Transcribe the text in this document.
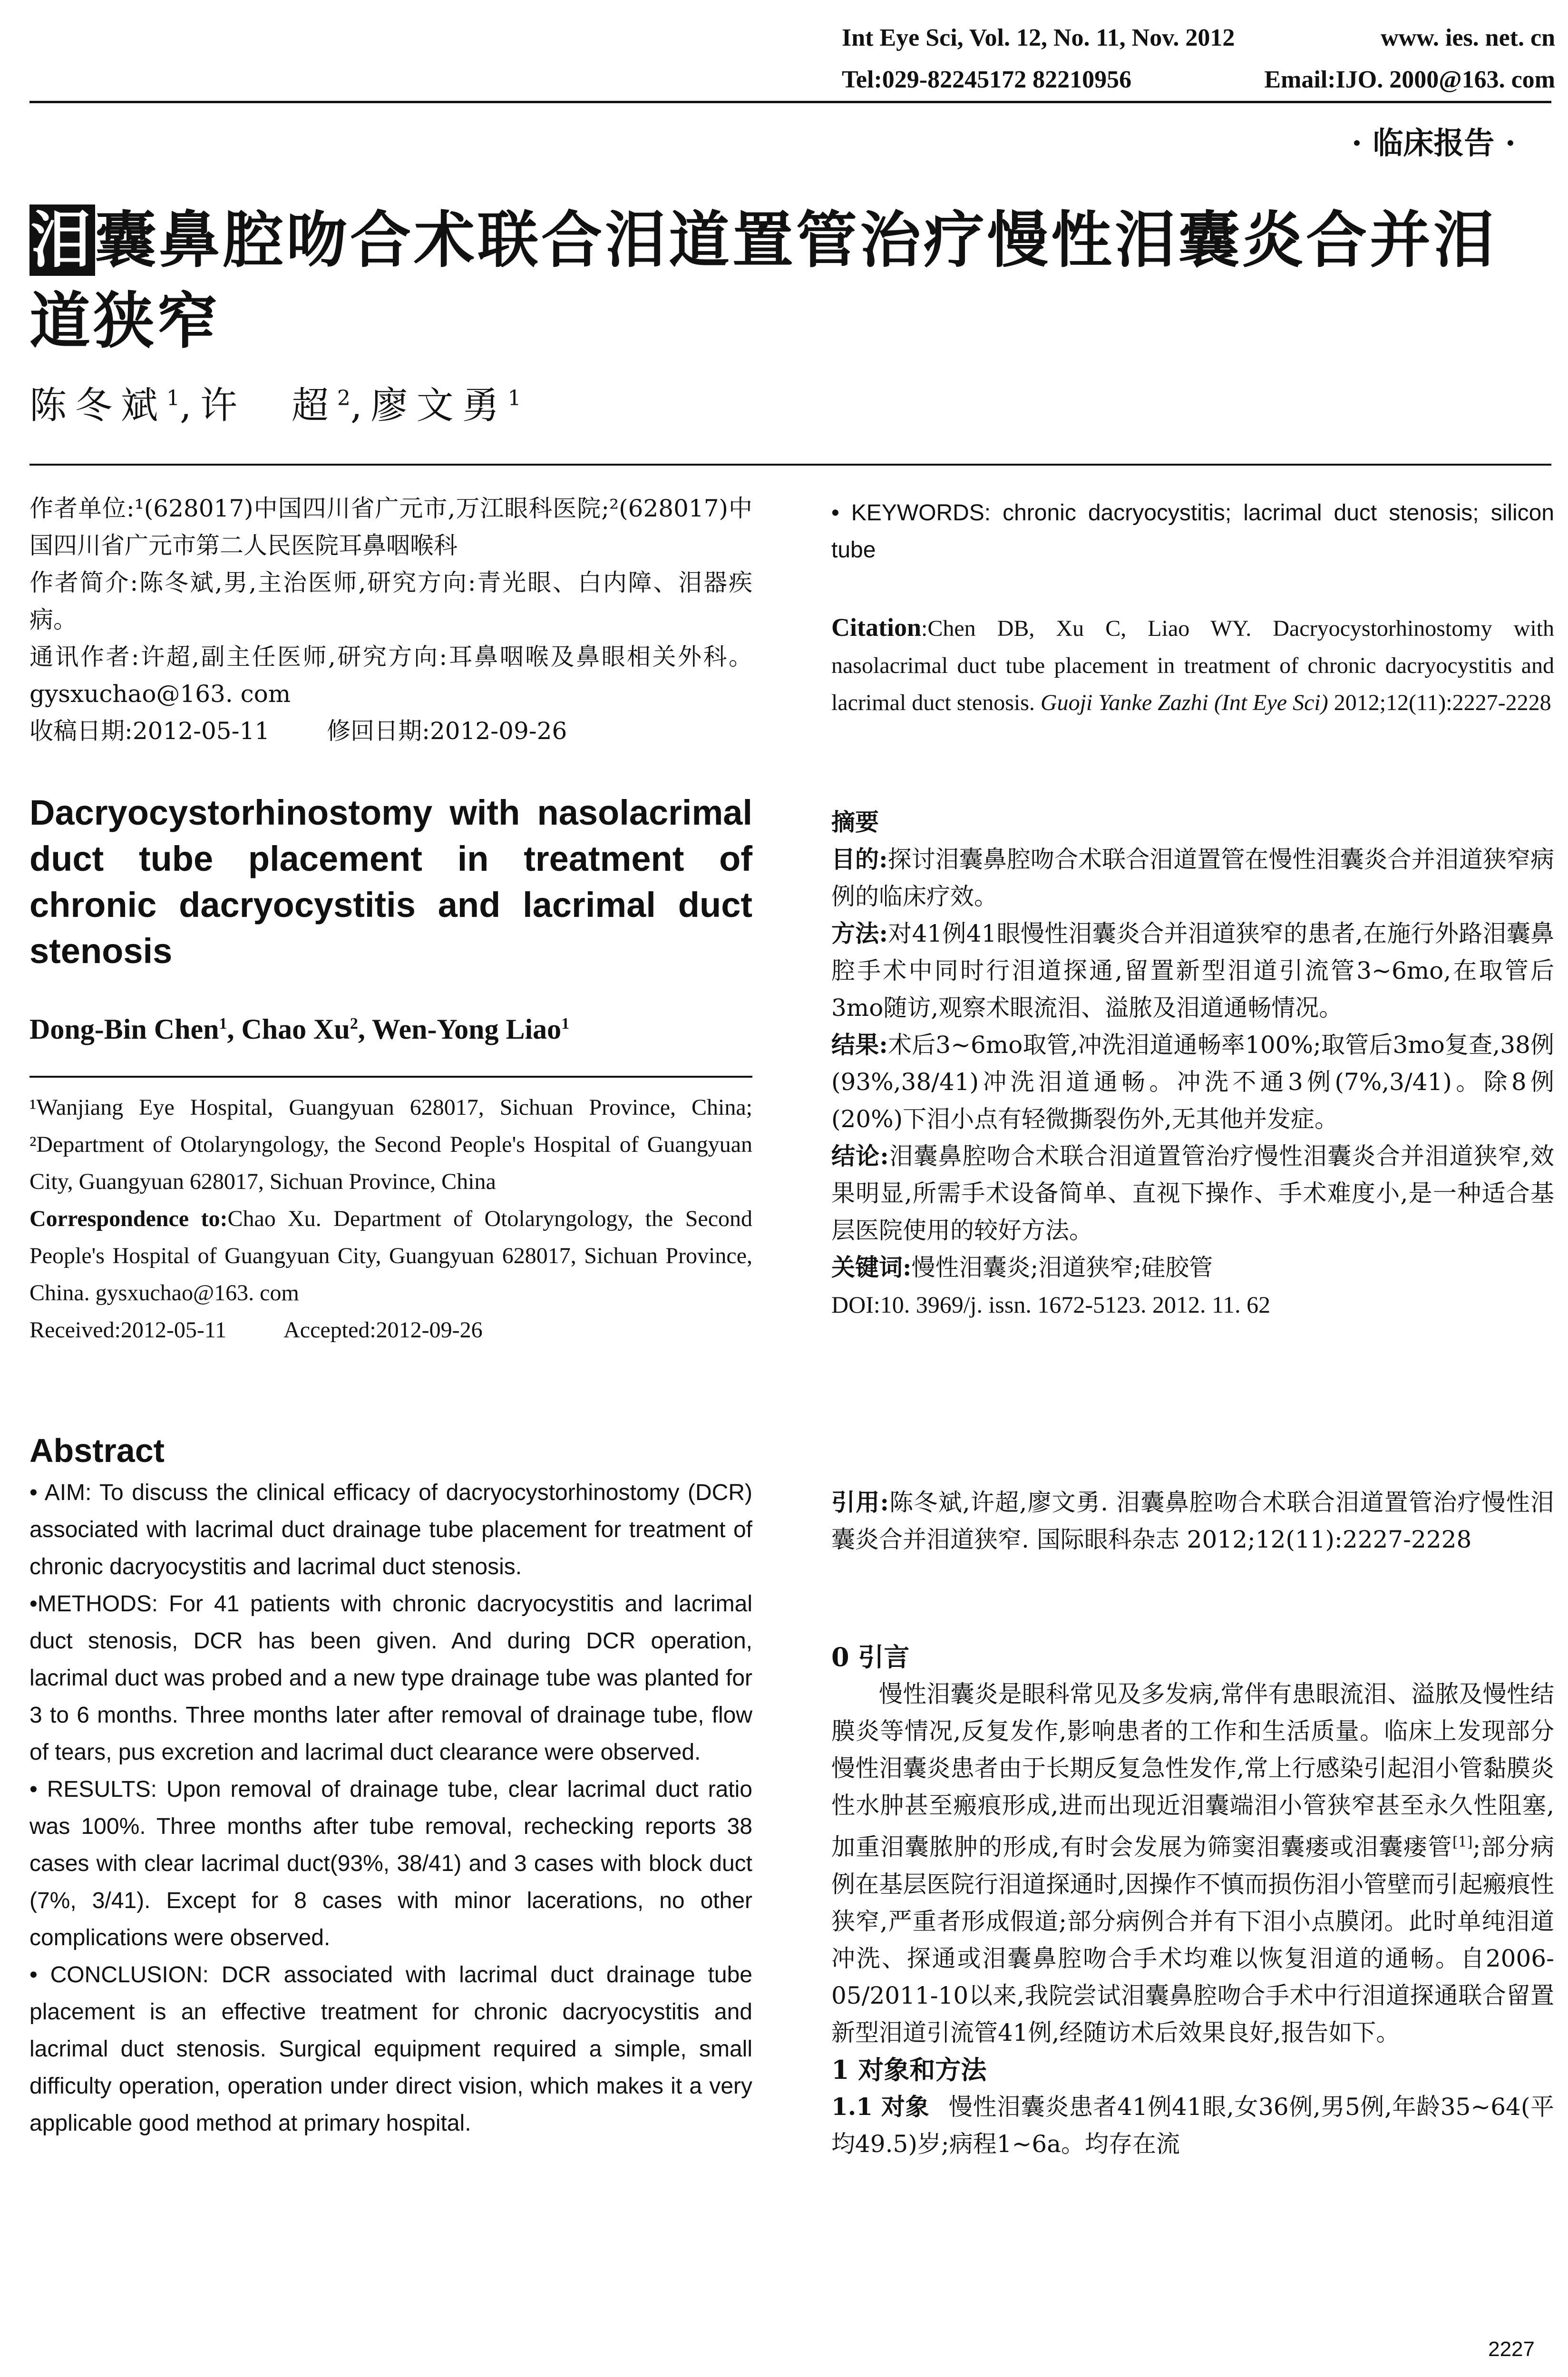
Int Eye Sci, Vol. 12, No. 11, Nov. 2012	www. ies. net. cn
Tel:029-82245172 82210956	Email:IJO. 2000@163. com
· 临床报告 ·
泪囊鼻腔吻合术联合泪道置管治疗慢性泪囊炎合并泪道狭窄
陈冬斌$^1$,许　超$^2$,廖文勇$^1$
作者单位:¹(628017)中国四川省广元市,万江眼科医院;²(628017)中国四川省广元市第二人民医院耳鼻咽喉科
作者简介:陈冬斌,男,主治医师,研究方向:青光眼、白内障、泪器疾病。
通讯作者:许超,副主任医师,研究方向:耳鼻咽喉及鼻眼相关外科。gysxuchao@163. com
收稿日期:2012-05-11 修回日期:2012-09-26
Dacryocystorhinostomy with nasolacrimal duct tube placement in treatment of chronic dacryocystitis and lacrimal duct stenosis
Dong-Bin Chen$^1$, Chao Xu$^2$, Wen-Yong Liao$^1$
¹Wanjiang Eye Hospital, Guangyuan 628017, Sichuan Province, China; ²Department of Otolaryngology, the Second People's Hospital of Guangyuan City, Guangyuan 628017, Sichuan Province, China
Correspondence to:Chao Xu. Department of Otolaryngology, the Second People's Hospital of Guangyuan City, Guangyuan 628017, Sichuan Province, China. gysxuchao@163. com
Received:2012-05-11	Accepted:2012-09-26
Abstract

• AIM: To discuss the clinical efficacy of dacryocystorhinostomy (DCR) associated with lacrimal duct drainage tube placement for treatment of chronic dacryocystitis and lacrimal duct stenosis.

•METHODS: For 41 patients with chronic dacryocystitis and lacrimal duct stenosis, DCR has been given. And during DCR operation, lacrimal duct was probed and a new type drainage tube was planted for 3 to 6 months. Three months later after removal of drainage tube, flow of tears, pus excretion and lacrimal duct clearance were observed.

• RESULTS: Upon removal of drainage tube, clear lacrimal duct ratio was 100%. Three months after tube removal, rechecking reports 38 cases with clear lacrimal duct(93%, 38/41) and 3 cases with block duct (7%, 3/41). Except for 8 cases with minor lacerations, no other complications were observed.

• CONCLUSION: DCR associated with lacrimal duct drainage tube placement is an effective treatment for chronic dacryocystitis and lacrimal duct stenosis. Surgical equipment required a simple, small difficulty operation, operation under direct vision, which makes it a very applicable good method at primary hospital.

• KEYWORDS: chronic dacryocystitis; lacrimal duct stenosis; silicon tube
Citation:Chen DB, Xu C, Liao WY. Dacryocystorhinostomy with nasolacrimal duct tube placement in treatment of chronic dacryocystitis and lacrimal duct stenosis. Guoji Yanke Zazhi (Int Eye Sci) 2012;12(11):2227-2228
摘要
目的:探讨泪囊鼻腔吻合术联合泪道置管在慢性泪囊炎合并泪道狭窄病例的临床疗效。
方法:对41例41眼慢性泪囊炎合并泪道狭窄的患者,在施行外路泪囊鼻腔手术中同时行泪道探通,留置新型泪道引流管3~6mo,在取管后3mo随访,观察术眼流泪、溢脓及泪道通畅情况。
结果:术后3~6mo取管,冲洗泪道通畅率100%;取管后3mo复查,38例(93%,38/41)冲洗泪道通畅。冲洗不通3例(7%,3/41)。除8例(20%)下泪小点有轻微撕裂伤外,无其他并发症。
结论:泪囊鼻腔吻合术联合泪道置管治疗慢性泪囊炎合并泪道狭窄,效果明显,所需手术设备简单、直视下操作、手术难度小,是一种适合基层医院使用的较好方法。
关键词:慢性泪囊炎;泪道狭窄;硅胶管
DOI:10. 3969/j. issn. 1672-5123. 2012. 11. 62
引用:陈冬斌,许超,廖文勇. 泪囊鼻腔吻合术联合泪道置管治疗慢性泪囊炎合并泪道狭窄. 国际眼科杂志 2012;12(11):2227-2228
0 引言
慢性泪囊炎是眼科常见及多发病,常伴有患眼流泪、溢脓及慢性结膜炎等情况,反复发作,影响患者的工作和生活质量。临床上发现部分慢性泪囊炎患者由于长期反复急性发作,常上行感染引起泪小管黏膜炎性水肿甚至瘢痕形成,进而出现近泪囊端泪小管狭窄甚至永久性阻塞,加重泪囊脓肿的形成,有时会发展为筛窦泪囊瘘或泪囊瘘管[1];部分病例在基层医院行泪道探通时,因操作不慎而损伤泪小管壁而引起瘢痕性狭窄,严重者形成假道;部分病例合并有下泪小点膜闭。此时单纯泪道冲洗、探通或泪囊鼻腔吻合手术均难以恢复泪道的通畅。自2006-05/2011-10以来,我院尝试泪囊鼻腔吻合手术中行泪道探通联合留置新型泪道引流管41例,经随访术后效果良好,报告如下。
1 对象和方法
1.1 对象 慢性泪囊炎患者41例41眼,女36例,男5例,年龄35~64(平均49.5)岁;病程1~6a。均存在流
2227
